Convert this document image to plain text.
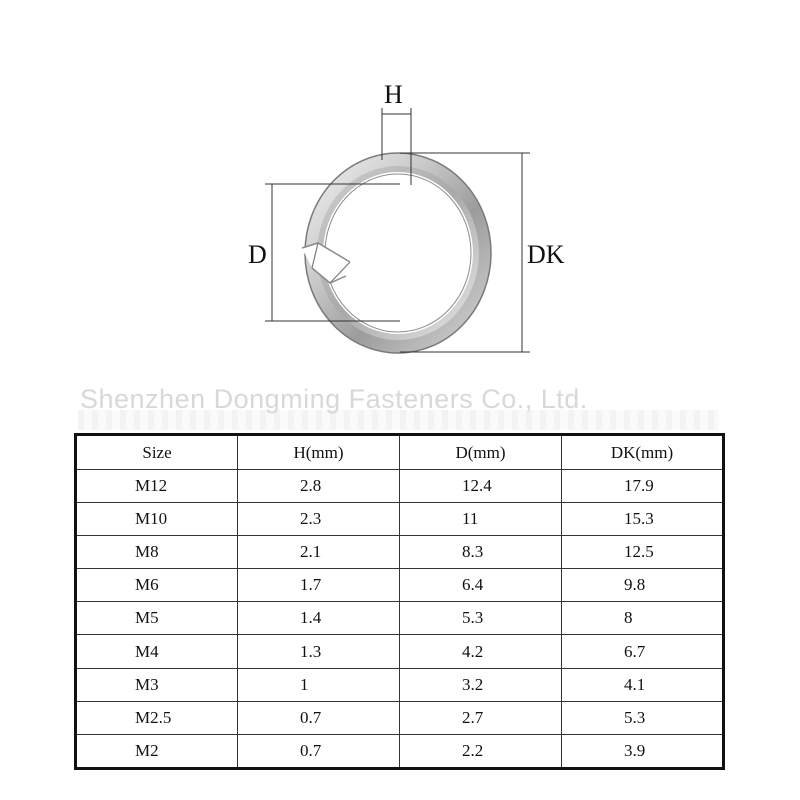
H
D	DK
Shenzhen Dongming Fasteners Co., Ltd.
Size	H(mm)	D(mm)	DK(mm)
M12	2.8	12.4	17.9
M10	2.3	11	15.3
M8	2.1	8.3	12.5
M6	1.7	6.4	9.8
M5	1.4	5.3	8
M4	1.3	4.2	6.7
M3	1	3.2	4.1
M2.5	0.7	2.7	5.3
M2	0.7	2.2	3.9
